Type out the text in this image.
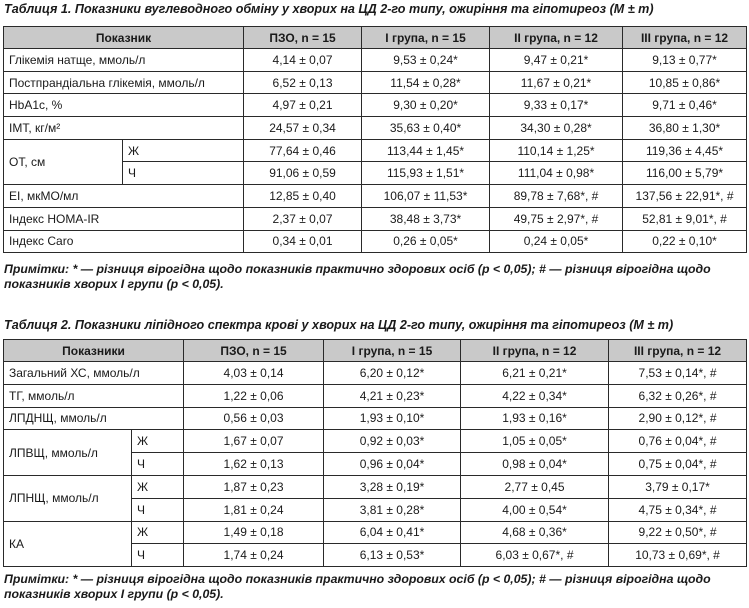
Таблиця 1. Показники вуглеводного обміну у хворих на ЦД 2-го типу, ожиріння та гіпотиреоз (M ± m)
Показник		ПЗО, n = 15	I група, n = 15	II група, n = 12	III група, n = 12
Глікемія натще, ммоль/л		4,14 ± 0,07	9,53 ± 0,24*	9,47 ± 0,21*	9,13 ± 0,77*
Постпрандіальна глікемія, ммоль/л		6,52 ± 0,13	11,54 ± 0,28*	11,67 ± 0,21*	10,85 ± 0,86*
HbA1c, %		4,97 ± 0,21	9,30 ± 0,20*	9,33 ± 0,17*	9,71 ± 0,46*
IMT, кг/м²		24,57 ± 0,34	35,63 ± 0,40*	34,30 ± 0,28*	36,80 ± 1,30*
ОТ, см	Ж	77,64 ± 0,46	113,44 ± 1,45*	110,14 ± 1,25*	119,36 ± 4,45*
	Ч	91,06 ± 0,59	115,93 ± 1,51*	111,04 ± 0,98*	116,00 ± 5,79*
ЕІ, мкМО/мл		12,85 ± 0,40	106,07 ± 11,53*	89,78 ± 7,68*, #	137,56 ± 22,91*, #
Індекс HOMA-IR		2,37 ± 0,07	38,48 ± 3,73*	49,75 ± 2,97*, #	52,81 ± 9,01*, #
Індекс Caro		0,34 ± 0,01	0,26 ± 0,05*	0,24 ± 0,05*	0,22 ± 0,10*
Примітки: * — різниця вірогідна щодо показників практично здорових осіб (p < 0,05); # — різниця вірогідна щодо показників хворих I групи (p < 0,05).
Таблиця 2. Показники ліпідного спектра крові у хворих на ЦД 2-го типу, ожиріння та гіпотиреоз (M ± m)
Показники		ПЗО, n = 15	I група, n = 15	II група, n = 12	III група, n = 12
Загальний ХС, ммоль/л		4,03 ± 0,14	6,20 ± 0,12*	6,21 ± 0,21*	7,53 ± 0,14*, #
ТГ, ммоль/л		1,22 ± 0,06	4,21 ± 0,23*	4,22 ± 0,34*	6,32 ± 0,26*, #
ЛПДНЩ, ммоль/л		0,56 ± 0,03	1,93 ± 0,10*	1,93 ± 0,16*	2,90 ± 0,12*, #
ЛПВЩ, ммоль/л	Ж	1,67 ± 0,07	0,92 ± 0,03*	1,05 ± 0,05*	0,76 ± 0,04*, #
	Ч	1,62 ± 0,13	0,96 ± 0,04*	0,98 ± 0,04*	0,75 ± 0,04*, #
ЛПНЩ, ммоль/л	Ж	1,87 ± 0,23	3,28 ± 0,19*	2,77 ± 0,45	3,79 ± 0,17*
	Ч	1,81 ± 0,24	3,81 ± 0,28*	4,00 ± 0,54*	4,75 ± 0,34*, #
КА	Ж	1,49 ± 0,18	6,04 ± 0,41*	4,68 ± 0,36*	9,22 ± 0,50*, #
	Ч	1,74 ± 0,24	6,13 ± 0,53*	6,03 ± 0,67*, #	10,73 ± 0,69*, #
Примітки: * — різниця вірогідна щодо показників практично здорових осіб (p < 0,05); # — різниця вірогідна щодо показників хворих I групи (p < 0,05).
